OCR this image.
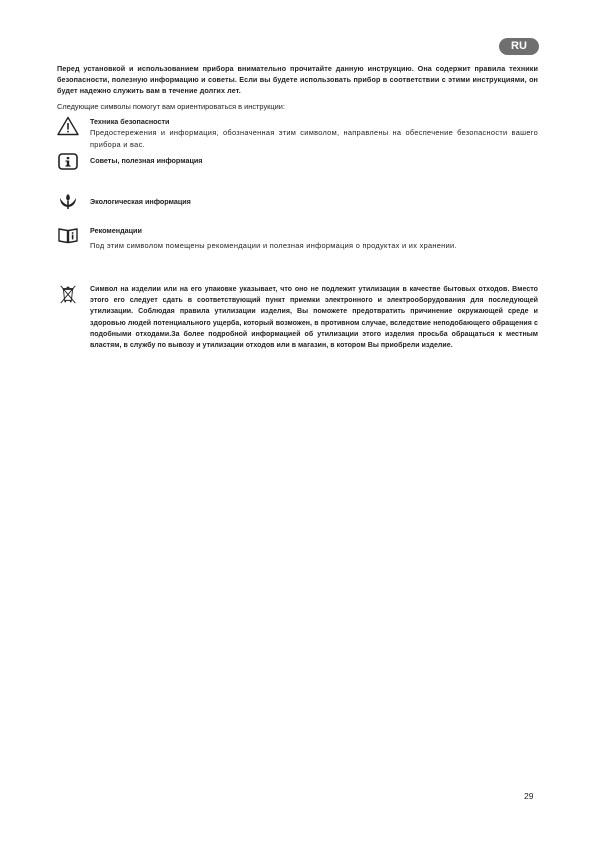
RU
Перед установкой и использованием прибора внимательно прочитайте данную инструкцию. Она содержит правила техники безопасности, полезную информацию и советы. Если вы будете использовать прибор в соответствии с этими инструкциями, он будет надежно служить вам в течение долгих лет.
Следующие символы помогут вам ориентироваться в инструкции:
Техника безопасности
Предостережения и информация, обозначенная этим символом, направлены на обеспечение безопасности вашего прибора и вас.
Советы, полезная информация
Экологическая информация
Рекомендации
Под этим символом помещены рекомендации и полезная информация о продуктах и их хранении.
Символ на изделии или на его упаковке указывает, что оно не подлежит утилизации в качестве бытовых отходов. Вместо этого его следует сдать в соответствующий пункт приемки электронного и электрооборудования для последующей утилизации. Соблюдая правила утилизации изделия, Вы поможете предотвратить причинение окружающей среде и здоровью людей потенциального ущерба, который возможен, в противном случае, вследствие неподобающего обращения с подобными отходами.За более подробной информацией об утилизации этого изделия просьба обращаться к местным властям, в службу по вывозу и утилизации отходов или в магазин, в котором Вы приобрели изделие.
29
